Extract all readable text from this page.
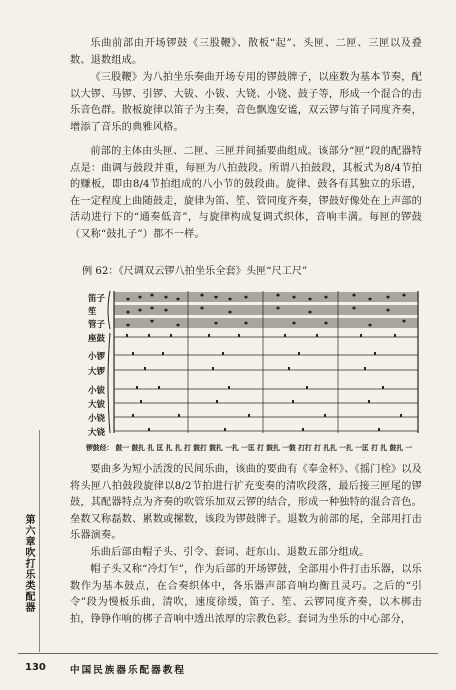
乐曲前部由开场锣鼓《三股鞭》、散板“起”、头匣、二匣、三匣以及叠数、退数组成。

《三股鞭》为八拍坐乐奏曲开场专用的锣鼓牌子，以座数为基本节奏，配以大锣、马锣、引锣、大钹、小钹、大铙、小铙、鼓子等，形成一个混合的击乐音色群。散板旋律以笛子为主奏，音色飘逸安谧，双云锣与笛子同度齐奏，增添了音乐的典雅风格。

前部的主体由头匣、二匣、三匣并间插要曲组成。该部分“匣”段的配器特点是：曲调与鼓段并重，每匣为八拍鼓段。所谓八拍鼓段，其板式为8/4节拍的赚板，即由8/4节拍组成的八小节的鼓段曲。旋律、鼓各有其独立的乐谱，在一定程度上曲随鼓走，旋律为笛、笙、管同度齐奏，锣鼓好像处在上声部的活动进行下的“通奏低音”，与旋律构成复调式织体，音响丰满。每匣的锣鼓（又称“鼓扎子”）都不一样。

例 62：《尺调双云锣八拍坐乐全套》头匣“尺工尺”

笛子
笙
管子
座鼓
小锣
大锣
小钹
大钹
小铙
大铙
锣鼓经： 鼓一 鼓扎 扎 匡 扎 扎 打 鼓打 鼓扎 一扎 一匡 打 鼓扎 一鼓 打打 打 扎扎 一扎 一匡 打 扎 鼓扎 一

要曲多为短小活泼的民间乐曲，该曲的要曲有《奉金杯》、《摇门栓》以及将头匣八拍鼓段旋律以8/2节拍进行扩充变奏的清吹段落，最后接三匣尾的锣鼓，其配器特点为齐奏的吹管乐加双云锣的结合，形成一种独特的混合音色。垒数又称磊数、累数或摞数，该段为锣鼓牌子。退数为前部的尾，全部用打击乐器演奏。

乐曲后部由帽子头、引令、套词、赶东山、退数五部分组成。

帽子头又称“冷灯乍”，作为后部的开场锣鼓，全部用小件打击乐器，以乐数作为基本鼓点，在合奏织体中，各乐器声部音响均衡且灵巧。之后的“引令”段为慢板乐曲，清吹，速度徐缓，笛子、笙、云锣同度齐奏，以木梆击拍，铮铮作响的梆子音响中透出浓厚的宗教色彩。套词为坐乐的中心部分，

第六章 吹打乐类配器
130	中国民族器乐配器教程
